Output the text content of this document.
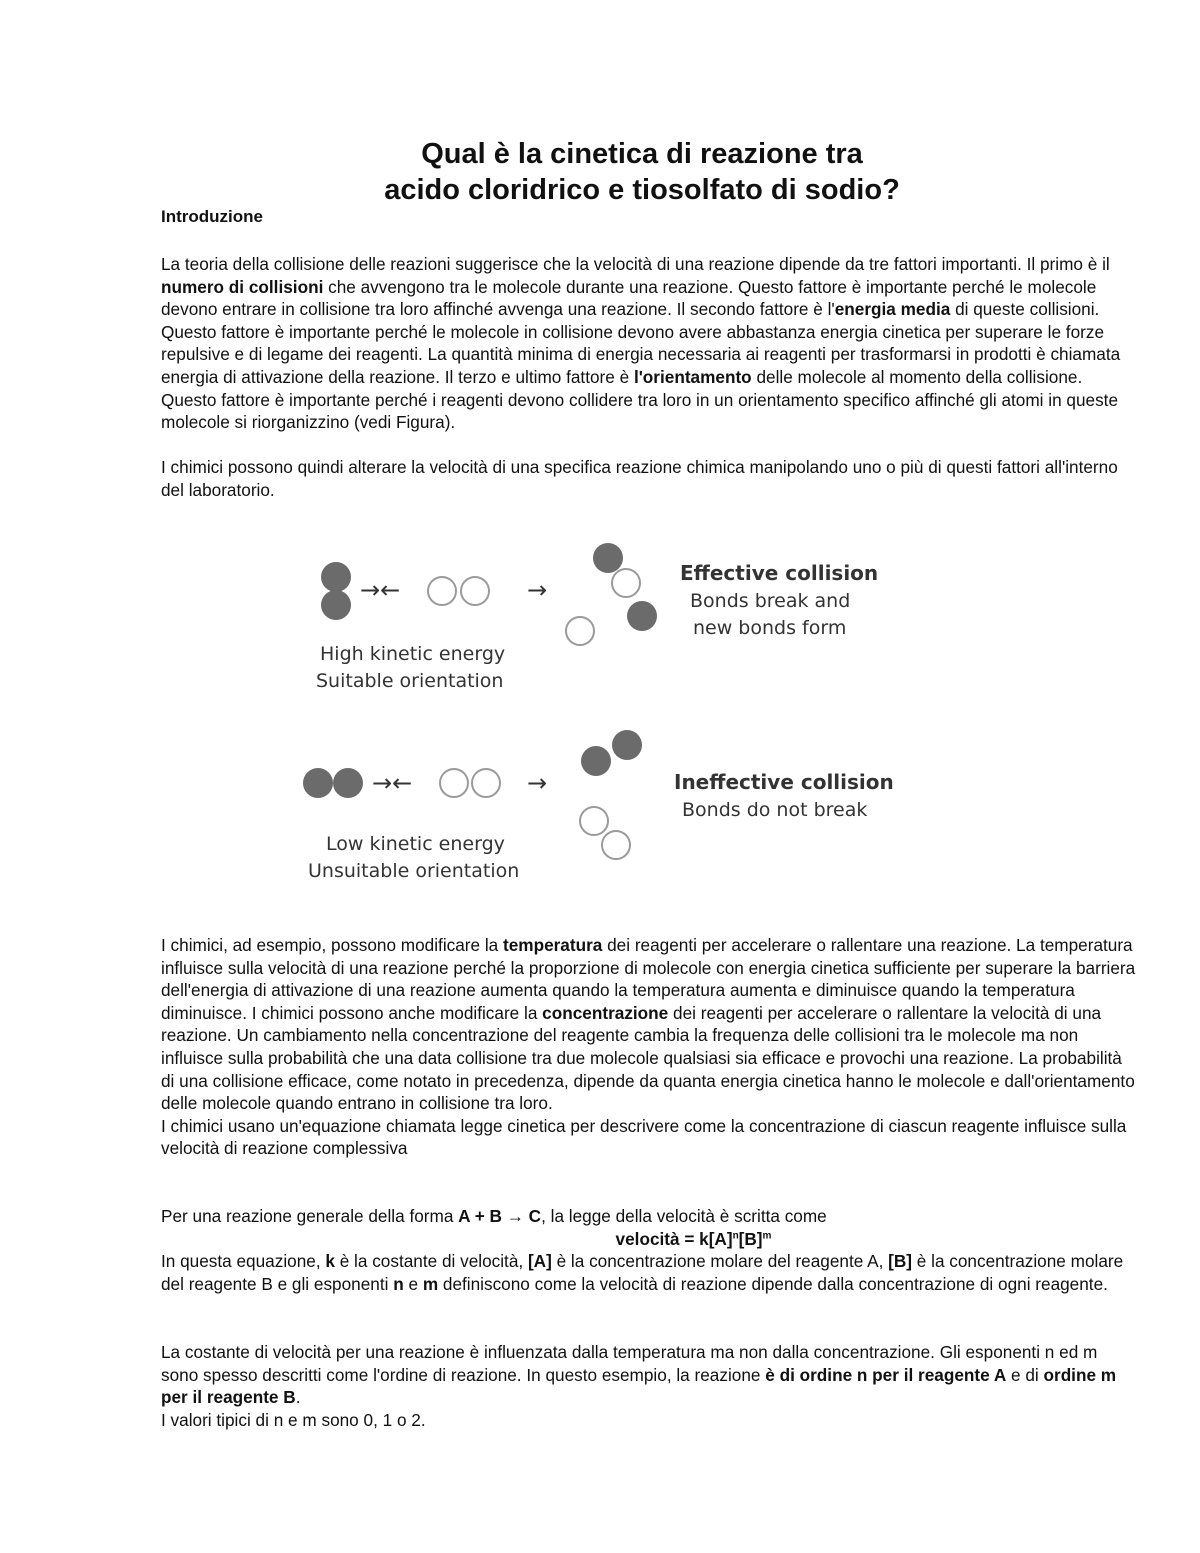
Qual è la cinetica di reazione tra
acido cloridrico e tiosolfato di sodio?
Introduzione

La teoria della collisione delle reazioni suggerisce che la velocità di una reazione dipende da tre fattori importanti. Il primo è il numero di collisioni che avvengono tra le molecole durante una reazione. Questo fattore è importante perché le molecole devono entrare in collisione tra loro affinché avvenga una reazione. Il secondo fattore è l'energia media di queste collisioni. Questo fattore è importante perché le molecole in collisione devono avere abbastanza energia cinetica per superare le forze repulsive e di legame dei reagenti. La quantità minima di energia necessaria ai reagenti per trasformarsi in prodotti è chiamata energia di attivazione della reazione. Il terzo e ultimo fattore è l'orientamento delle molecole al momento della collisione. Questo fattore è importante perché i reagenti devono collidere tra loro in un orientamento specifico affinché gli atomi in queste molecole si riorganizzino (vedi Figura).

I chimici possono quindi alterare la velocità di una specifica reazione chimica manipolando uno o più di questi fattori all'interno del laboratorio.

→←	→
Effective collision
Bonds break and
new bonds form
High kinetic energy
Suitable orientation
→←	→	Ineffective collision
Bonds do not break
Low kinetic energy
Unsuitable orientation

I chimici, ad esempio, possono modificare la temperatura dei reagenti per accelerare o rallentare una reazione. La temperatura influisce sulla velocità di una reazione perché la proporzione di molecole con energia cinetica sufficiente per superare la barriera dell'energia di attivazione di una reazione aumenta quando la temperatura aumenta e diminuisce quando la temperatura diminuisce. I chimici possono anche modificare la concentrazione dei reagenti per accelerare o rallentare la velocità di una reazione. Un cambiamento nella concentrazione del reagente cambia la frequenza delle collisioni tra le molecole ma non influisce sulla probabilità che una data collisione tra due molecole qualsiasi sia efficace e provochi una reazione. La probabilità di una collisione efficace, come notato in precedenza, dipende da quanta energia cinetica hanno le molecole e dall'orientamento delle molecole quando entrano in collisione tra loro.
I chimici usano un'equazione chiamata legge cinetica per descrivere come la concentrazione di ciascun reagente influisce sulla velocità di reazione complessiva

Per una reazione generale della forma A + B → C, la legge della velocità è scritta come
velocità = $k[A]^n[B]^m$
In questa equazione, k è la costante di velocità, [A] è la concentrazione molare del reagente A, [B] è la concentrazione molare del reagente B e gli esponenti n e m definiscono come la velocità di reazione dipende dalla concentrazione di ogni reagente.

La costante di velocità per una reazione è influenzata dalla temperatura ma non dalla concentrazione. Gli esponenti n ed m sono spesso descritti come l'ordine di reazione. In questo esempio, la reazione è di ordine n per il reagente A e di ordine m per il reagente B.
I valori tipici di n e m sono 0, 1 o 2.
